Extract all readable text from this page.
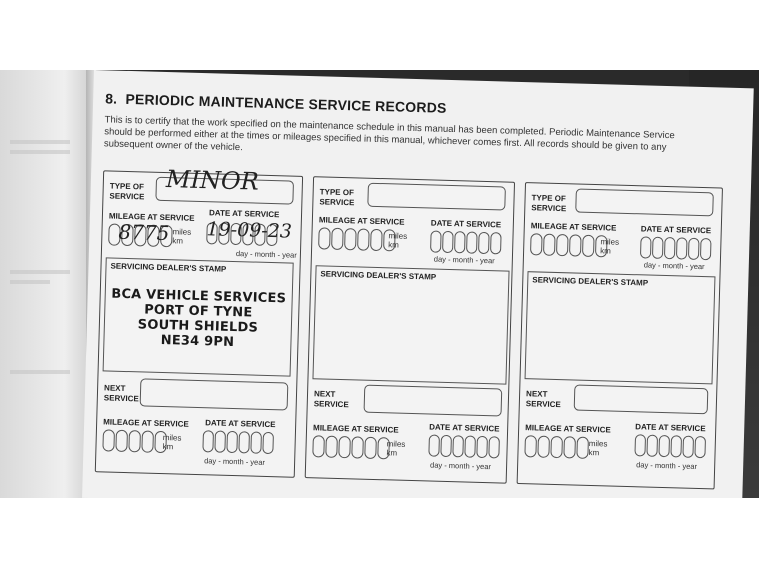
8. PERIODIC MAINTENANCE SERVICE RECORDS
This is to certify that the work specified on the maintenance schedule in this manual has been completed. Periodic Maintenance Service should be performed either at the times or mileages specified in this manual, whichever comes first. All records should be given to any subsequent owner of the vehicle.
TYPE OF SERVICE
MINOR
MILEAGE AT SERVICE DATE AT SERVICE
8775 miles
km	19-09-23
day - month - year
SERVICING DEALER'S STAMP
BCA VEHICLE SERVICES
PORT OF TYNE
SOUTH SHIELDS
NE34 9PN
NEXT SERVICE
MILEAGE AT SERVICE DATE AT SERVICE
miles
km
day - month - year
TYPE OF SERVICE
MILEAGE AT SERVICE	DATE AT SERVICE
miles
km
day - month - year
SERVICING DEALER'S STAMP
NEXT SERVICE
MILEAGE AT SERVICE	DATE AT SERVICE
miles
km
day - month - year
TYPE OF SERVICE
MILEAGE AT SERVICE	DATE AT SERVICE
miles
km
day - month - year
SERVICING DEALER'S STAMP
NEXT SERVICE
MILEAGE AT SERVICE	DATE AT SERVICE
miles
km
day - month - year
